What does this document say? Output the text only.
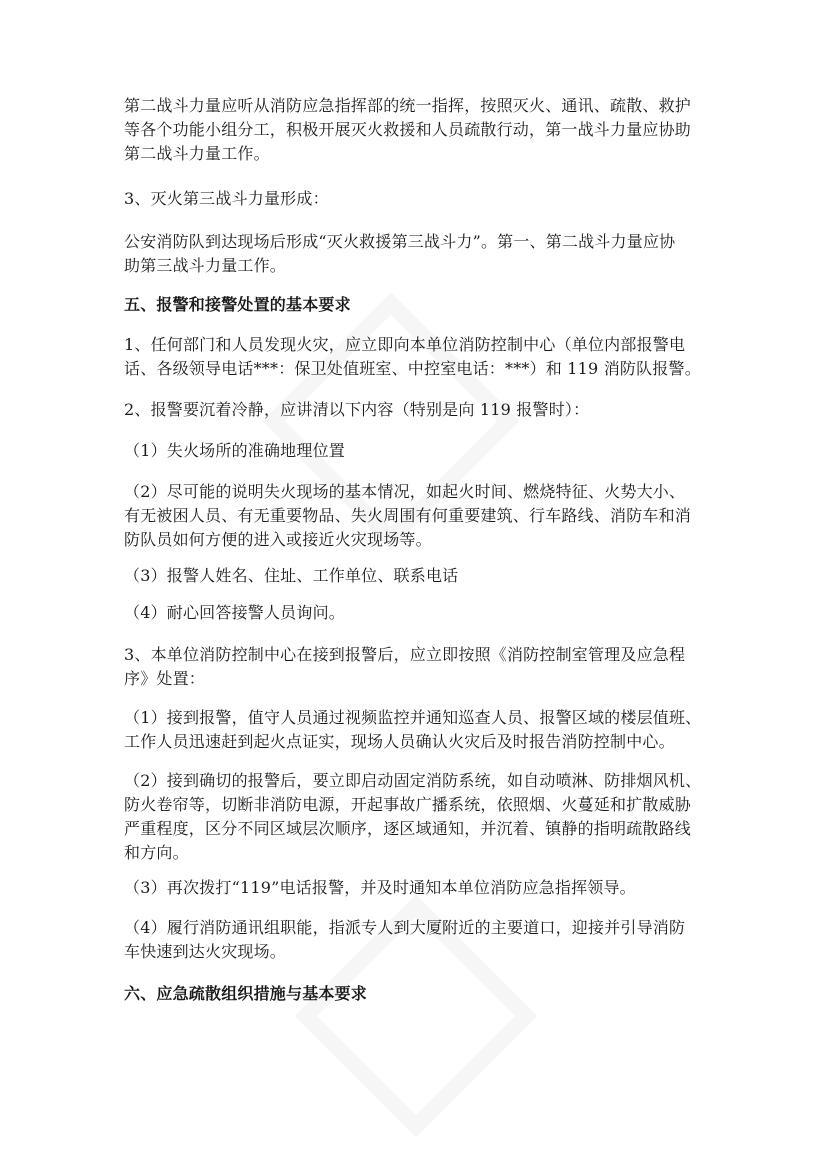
第二战斗力量应听从消防应急指挥部的统一指挥，按照灭火、通讯、疏散、救护
等各个功能小组分工，积极开展灭火救援和人员疏散行动，第一战斗力量应协助
第二战斗力量工作。
3、灭火第三战斗力量形成：
公安消防队到达现场后形成“灭火救援第三战斗力”。第一、第二战斗力量应协
助第三战斗力量工作。
五、报警和接警处置的基本要求
1、任何部门和人员发现火灾，应立即向本单位消防控制中心（单位内部报警电
话、各级领导电话***：保卫处值班室、中控室电话：***）和 119 消防队报警。
2、报警要沉着冷静，应讲清以下内容（特别是向 119 报警时）：
（1）失火场所的准确地理位置
（2）尽可能的说明失火现场的基本情况，如起火时间、燃烧特征、火势大小、
有无被困人员、有无重要物品、失火周围有何重要建筑、行车路线、消防车和消
防队员如何方便的进入或接近火灾现场等。
（3）报警人姓名、住址、工作单位、联系电话
（4）耐心回答接警人员询问。
3、本单位消防控制中心在接到报警后，应立即按照《消防控制室管理及应急程
序》处置：
（1）接到报警，值守人员通过视频监控并通知巡查人员、报警区域的楼层值班、
工作人员迅速赶到起火点证实，现场人员确认火灾后及时报告消防控制中心。
（2）接到确切的报警后，要立即启动固定消防系统，如自动喷淋、防排烟风机、
防火卷帘等，切断非消防电源，开起事故广播系统，依照烟、火蔓延和扩散威胁
严重程度，区分不同区域层次顺序，逐区域通知，并沉着、镇静的指明疏散路线
和方向。
（3）再次拨打“119”电话报警，并及时通知本单位消防应急指挥领导。
（4）履行消防通讯组职能，指派专人到大厦附近的主要道口，迎接并引导消防
车快速到达火灾现场。
六、应急疏散组织措施与基本要求
